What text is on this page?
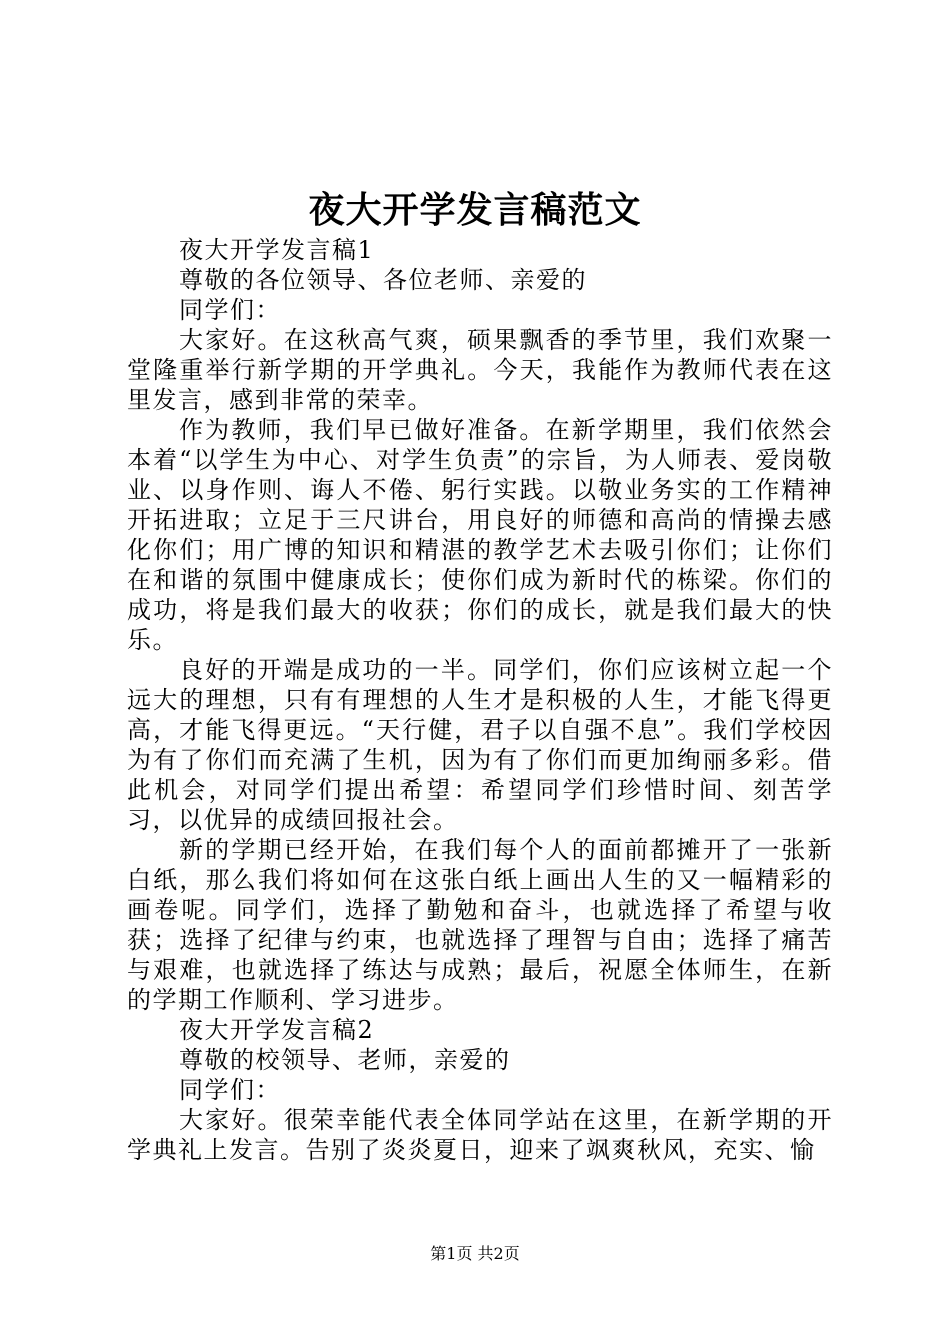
夜大开学发言稿范文

夜大开学发言稿1

尊敬的各位领导、各位老师、亲爱的

同学们：

大家好。在这秋高气爽，硕果飘香的季节里，我们欢聚一堂隆重举行新学期的开学典礼。今天，我能作为教师代表在这里发言，感到非常的荣幸。

作为教师，我们早已做好准备。在新学期里，我们依然会本着“以学生为中心、对学生负责”的宗旨，为人师表、爱岗敬业、以身作则、诲人不倦、躬行实践。以敬业务实的工作精神开拓进取；立足于三尺讲台，用良好的师德和高尚的情操去感化你们；用广博的知识和精湛的教学艺术去吸引你们；让你们在和谐的氛围中健康成长；使你们成为新时代的栋梁。你们的成功，将是我们最大的收获；你们的成长，就是我们最大的快乐。

良好的开端是成功的一半。同学们，你们应该树立起一个远大的理想，只有有理想的人生才是积极的人生，才能飞得更高，才能飞得更远。“天行健，君子以自强不息”。我们学校因为有了你们而充满了生机，因为有了你们而更加绚丽多彩。借此机会，对同学们提出希望：希望同学们珍惜时间、刻苦学习，以优异的成绩回报社会。

新的学期已经开始，在我们每个人的面前都摊开了一张新白纸，那么我们将如何在这张白纸上画出人生的又一幅精彩的画卷呢。同学们，选择了勤勉和奋斗，也就选择了希望与收获；选择了纪律与约束，也就选择了理智与自由；选择了痛苦与艰难，也就选择了练达与成熟；最后，祝愿全体师生，在新的学期工作顺利、学习进步。

夜大开学发言稿2

尊敬的校领导、老师，亲爱的

同学们：

大家好。很荣幸能代表全体同学站在这里，在新学期的开学典礼上发言。告别了炎炎夏日，迎来了飒爽秋风，充实、愉

第1页 共2页
